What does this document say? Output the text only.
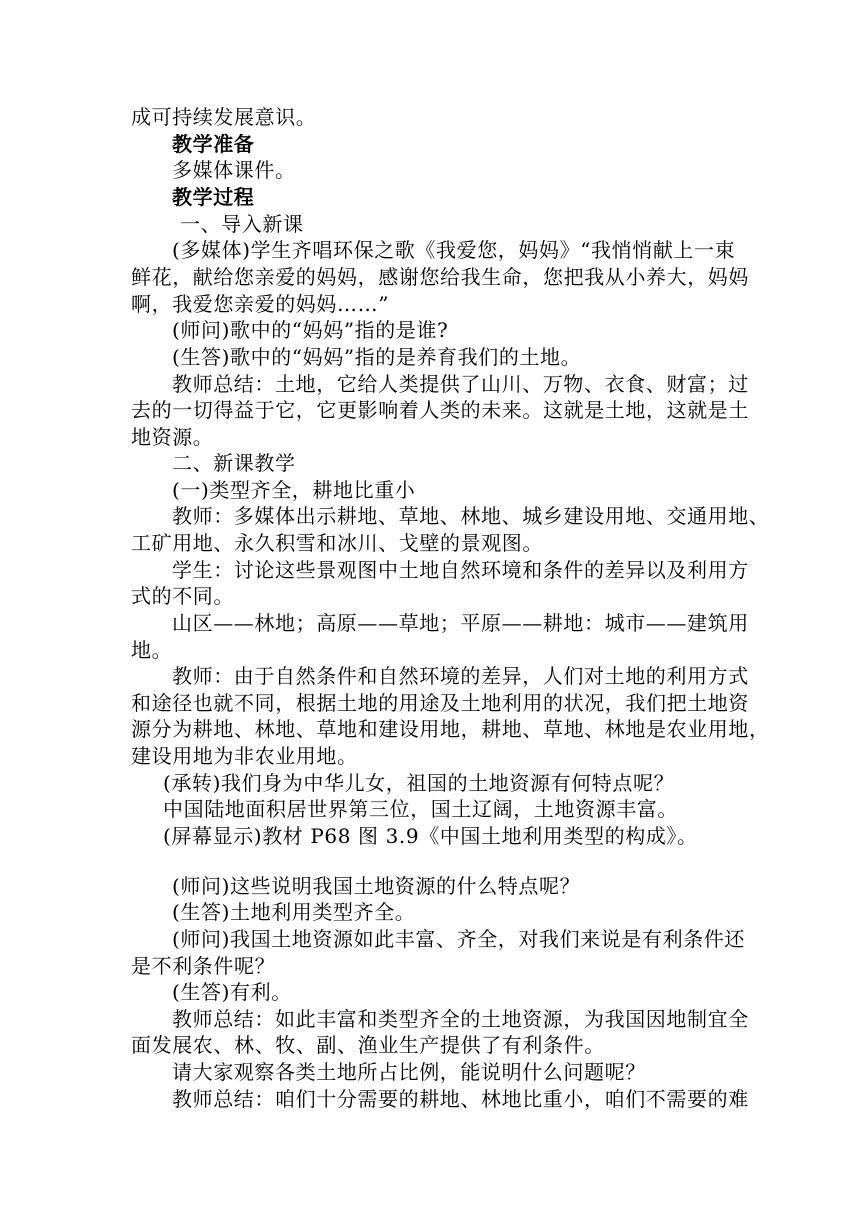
成可持续发展意识。
教学准备
多媒体课件。
教学过程
一、导入新课
(多媒体)学生齐唱环保之歌《我爱您，妈妈》“我悄悄献上一束
鲜花，献给您亲爱的妈妈，感谢您给我生命，您把我从小养大，妈妈
啊，我爱您亲爱的妈妈……”
(师问)歌中的“妈妈”指的是谁?
(生答)歌中的“妈妈”指的是养育我们的土地。
教师总结：土地，它给人类提供了山川、万物、衣食、财富；过
去的一切得益于它，它更影响着人类的未来。这就是土地，这就是土
地资源。
二、新课教学
(一)类型齐全，耕地比重小
教师：多媒体出示耕地、草地、林地、城乡建设用地、交通用地、
工矿用地、永久积雪和冰川、戈壁的景观图。
学生：讨论这些景观图中土地自然环境和条件的差异以及利用方
式的不同。
山区——林地；高原——草地；平原——耕地：城市——建筑用
地。
教师：由于自然条件和自然环境的差异，人们对土地的利用方式
和途径也就不同，根据土地的用途及土地利用的状况，我们把土地资
源分为耕地、林地、草地和建设用地，耕地、草地、林地是农业用地，
建设用地为非农业用地。
(承转)我们身为中华儿女，祖国的土地资源有何特点呢？
中国陆地面积居世界第三位，国土辽阔，土地资源丰富。
(屏幕显示)教材 P68 图 3.9《中国土地利用类型的构成》。
(师问)这些说明我国土地资源的什么特点呢？
(生答)土地利用类型齐全。
(师问)我国土地资源如此丰富、齐全，对我们来说是有利条件还
是不利条件呢？
(生答)有利。
教师总结：如此丰富和类型齐全的土地资源，为我国因地制宜全
面发展农、林、牧、副、渔业生产提供了有利条件。
请大家观察各类土地所占比例，能说明什么问题呢？
教师总结：咱们十分需要的耕地、林地比重小，咱们不需要的难
